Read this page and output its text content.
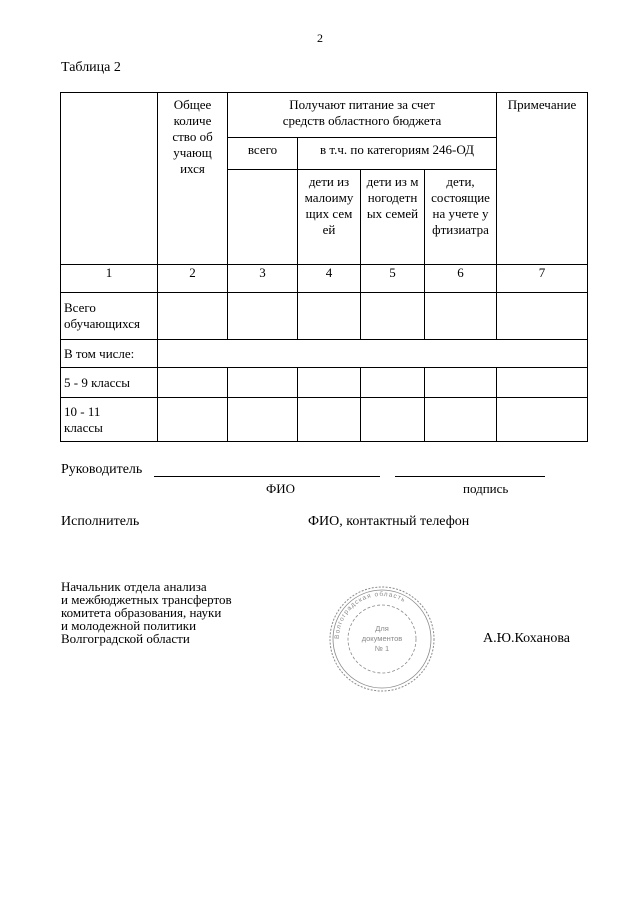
2
Таблица 2

	Общее количество обучающихся	Получают питание за счет средств областного бюджета				Примечание

		всего	в т.ч. по категориям 246-ОД			

			дети из малоимущих семей	дети из многодетных семей	дети, состоящие на учете у фтизиатра	

1	2	3	4	5	6	7
Всего обучающихся						
В том числе:						
5 - 9 классы						

10 - 11 классы						

Руководитель
ФИО	подпись
Исполнитель	ФИО, контактный телефон
Начальник отдела анализа
и межбюджетных трансфертов
комитета образования, науки
и молодежной политики
Волгоградской области	А.Ю.Коханова
Волгоградская область
Для
документов
№ 1
